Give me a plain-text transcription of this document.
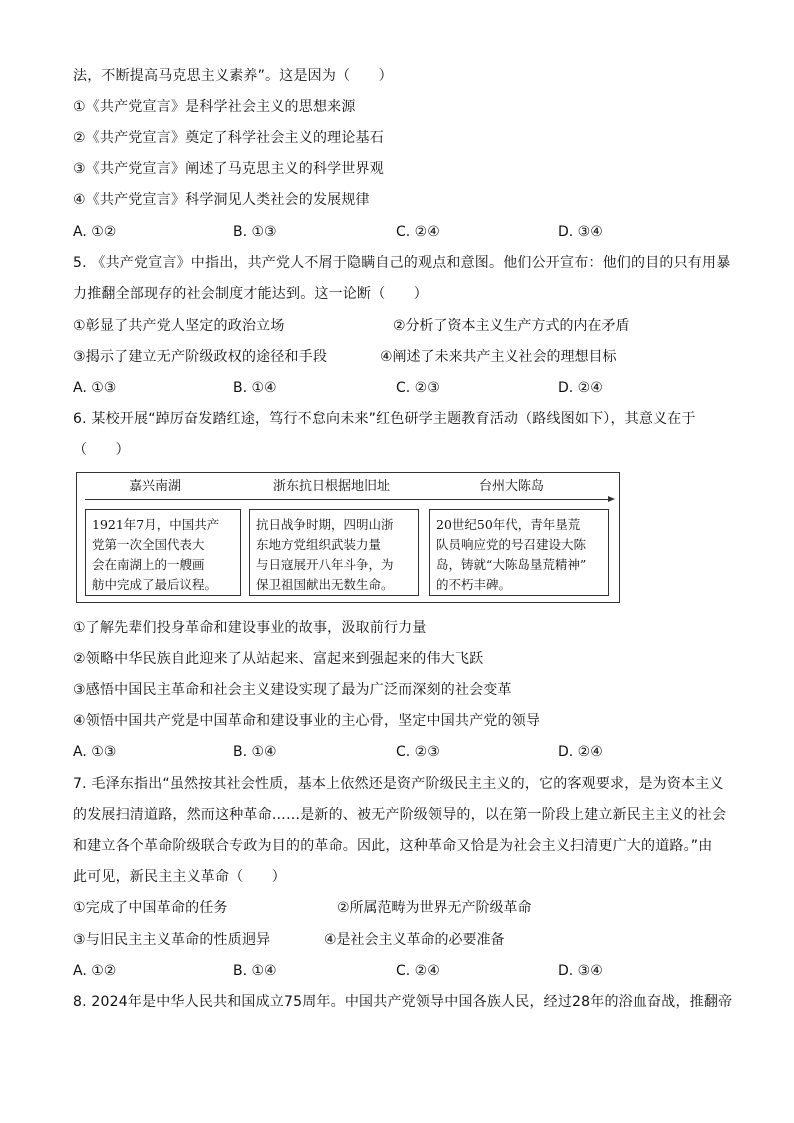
法，不断提高马克思主义素养”。这是因为（　　）
①《共产党宣言》是科学社会主义的思想来源
②《共产党宣言》奠定了科学社会主义的理论基石
③《共产党宣言》阐述了马克思主义的科学世界观
④《共产党宣言》科学洞见人类社会的发展规律
A. ①②	B. ①③	C. ②④	D. ③④
5. 《共产党宣言》中指出，共产党人不屑于隐瞒自己的观点和意图。他们公开宣布：他们的目的只有用暴
力推翻全部现存的社会制度才能达到。这一论断（　　）
①彰显了共产党人坚定的政治立场	②分析了资本主义生产方式的内在矛盾
③揭示了建立无产阶级政权的途径和手段	④阐述了未来共产主义社会的理想目标
A. ①③	B. ①④	C. ②③	D. ②④
6. 某校开展“踔厉奋发踏红途，笃行不怠向未来”红色研学主题教育活动（路线图如下），其意义在于
（　　）
嘉兴南湖	浙东抗日根据地旧址	台州大陈岛
1921年7月，中国共产
党第一次全国代表大
会在南湖上的一艘画
舫中完成了最后议程。
抗日战争时期，四明山浙
东地方党组织武装力量
与日寇展开八年斗争，为
保卫祖国献出无数生命。
20世纪50年代，青年垦荒
队员响应党的号召建设大陈
岛，铸就“大陈岛垦荒精神”
的不朽丰碑。
①了解先辈们投身革命和建设事业的故事，汲取前行力量
②领略中华民族自此迎来了从站起来、富起来到强起来的伟大飞跃
③感悟中国民主革命和社会主义建设实现了最为广泛而深刻的社会变革
④领悟中国共产党是中国革命和建设事业的主心骨，坚定中国共产党的领导
A. ①③	B. ①④	C. ②③	D. ②④
7. 毛泽东指出“虽然按其社会性质，基本上依然还是资产阶级民主主义的，它的客观要求，是为资本主义
的发展扫清道路，然而这种革命……是新的、被无产阶级领导的，以在第一阶段上建立新民主主义的社会
和建立各个革命阶级联合专政为目的的革命。因此，这种革命又恰是为社会主义扫清更广大的道路。”由
此可见，新民主主义革命（　　）
①完成了中国革命的任务	②所属范畴为世界无产阶级革命
③与旧民主主义革命的性质迥异	④是社会主义革命的必要准备
A. ①②	B. ①④	C. ②④	D. ③④
8. 2024年是中华人民共和国成立75周年。中国共产党领导中国各族人民，经过28年的浴血奋战，推翻帝
